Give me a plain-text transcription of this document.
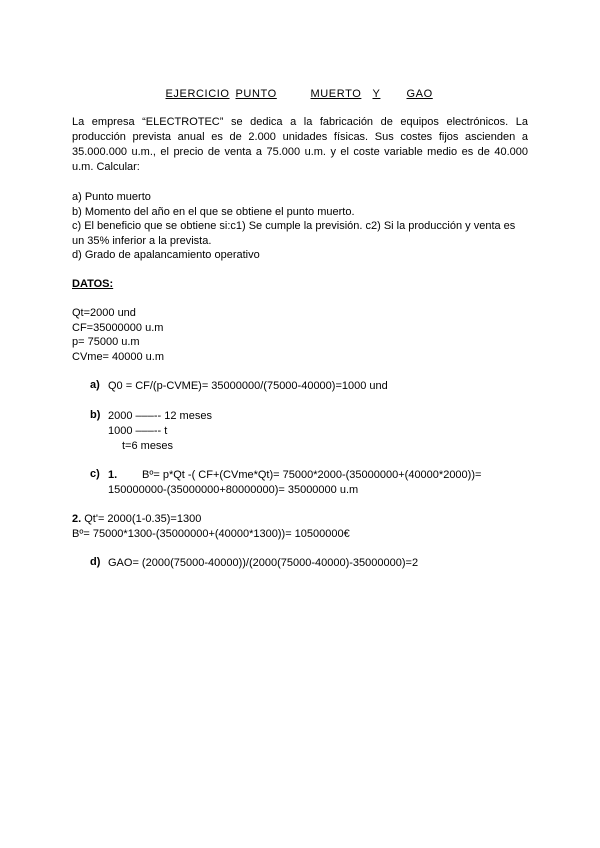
EJERCICIO PUNTO	MUERTO	Y	GAO
La empresa “ELECTROTEC” se dedica a la fabricación de equipos electrónicos. La producción prevista anual es de 2.000 unidades físicas. Sus costes fijos ascienden a 35.000.000 u.m., el precio de venta a 75.000 u.m. y el coste variable medio es de 40.000 u.m. Calcular:
a) Punto muerto
b) Momento del año en el que se obtiene el punto muerto.
c) El beneficio que se obtiene si:c1) Se cumple la previsión. c2) Si la producción y venta es
un 35% inferior a la prevista.
d) Grado de apalancamiento operativo
DATOS:
Qt=2000 und
CF=35000000 u.m
p= 75000 u.m
CVme= 40000 u.m
a) Q0 = CF/(p-CVME)= 35000000/(75000-40000)=1000 und
b) 2000 –––-- 12 meses
1000 –––-- t
t=6 meses
c) 1. Bº= p*Qt -( CF+(CVme*Qt)= 75000*2000-(35000000+(40000*2000))=
150000000-(35000000+80000000)= 35000000 u.m
2. Qt'= 2000(1-0.35)=1300
Bº= 75000*1300-(35000000+(40000*1300))= 10500000€
d) GAO= (2000(75000-40000))/(2000(75000-40000)-35000000)=2
